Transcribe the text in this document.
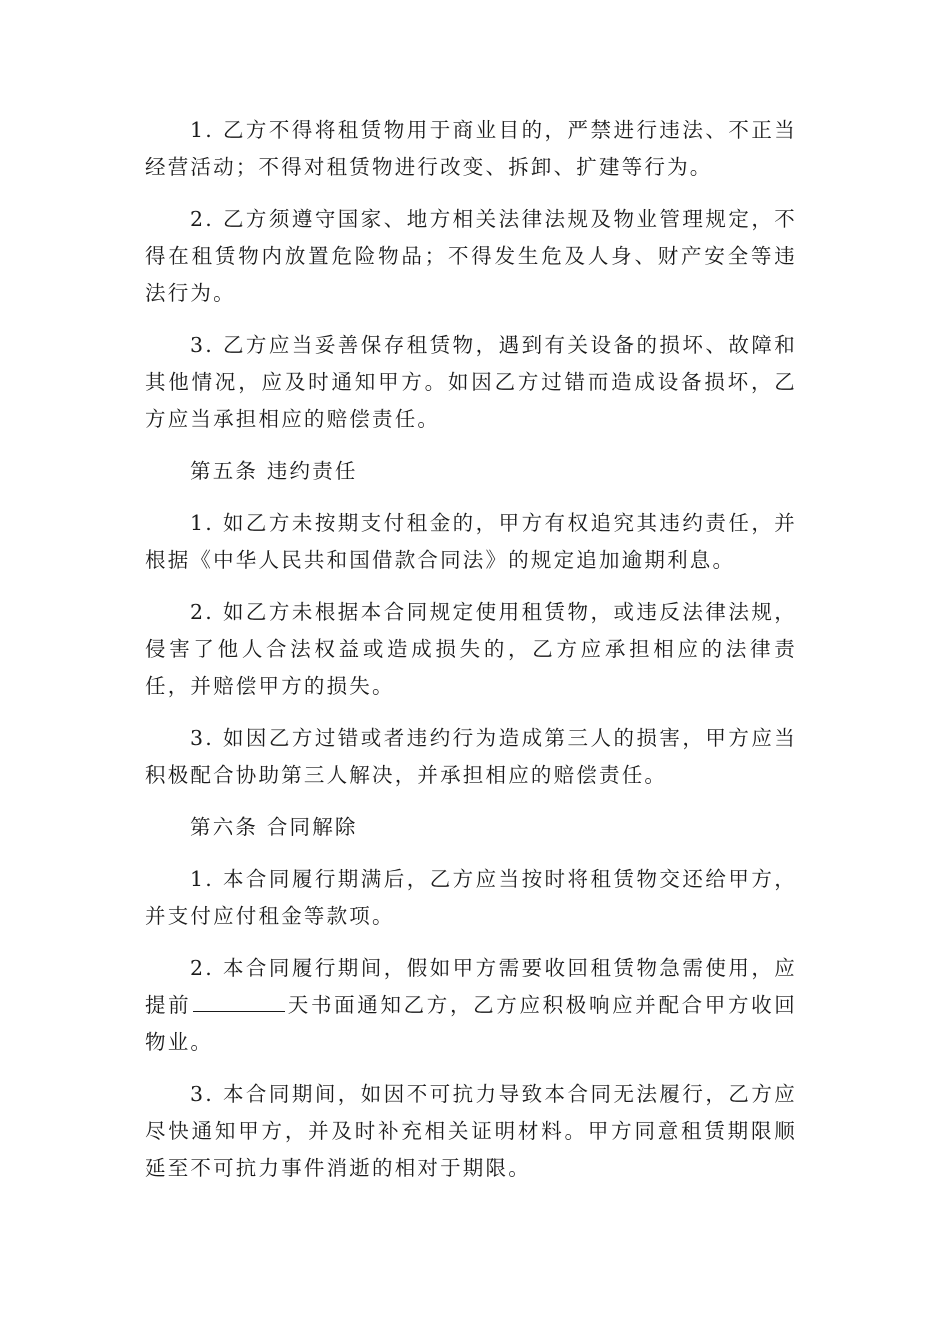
1. 乙方不得将租赁物用于商业目的，严禁进行违法、不正当经营活动；不得对租赁物进行改变、拆卸、扩建等行为。

2. 乙方须遵守国家、地方相关法律法规及物业管理规定，不得在租赁物内放置危险物品；不得发生危及人身、财产安全等违法行为。

3. 乙方应当妥善保存租赁物，遇到有关设备的损坏、故障和其他情况，应及时通知甲方。如因乙方过错而造成设备损坏，乙方应当承担相应的赔偿责任。

第五条 违约责任

1. 如乙方未按期支付租金的，甲方有权追究其违约责任，并根据《中华人民共和国借款合同法》的规定追加逾期利息。

2. 如乙方未根据本合同规定使用租赁物，或违反法律法规，侵害了他人合法权益或造成损失的，乙方应承担相应的法律责任，并赔偿甲方的损失。

3. 如因乙方过错或者违约行为造成第三人的损害，甲方应当积极配合协助第三人解决，并承担相应的赔偿责任。

第六条 合同解除

1. 本合同履行期满后，乙方应当按时将租赁物交还给甲方，并支付应付租金等款项。

2. 本合同履行期间，假如甲方需要收回租赁物急需使用，应提前	天书面通知乙方，乙方应积极响应并配合甲方收回物业。

3. 本合同期间，如因不可抗力导致本合同无法履行，乙方应尽快通知甲方，并及时补充相关证明材料。甲方同意租赁期限顺延至不可抗力事件消逝的相对于期限。
